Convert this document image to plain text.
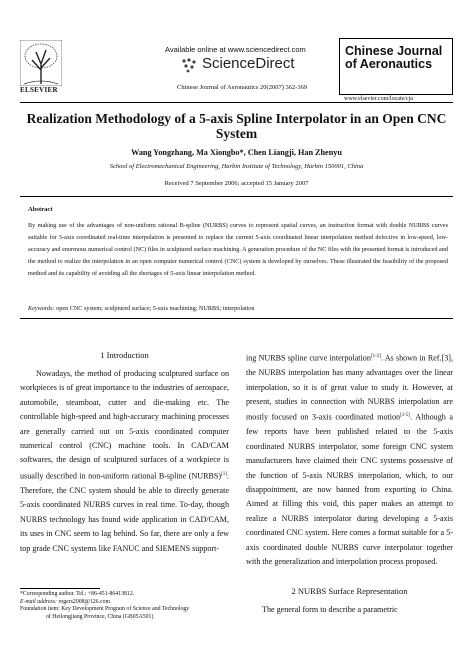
ELSEVIER
Available online at www.sciencedirect.com
ScienceDirect
Chinese Journal of Aeronautics 20(2007) 362-369
Chinese Journal of Aeronautics
www.elsevier.com/locate/cja
Realization Methodology of a 5-axis Spline Interpolator in an Open CNC System
Wang Yongzhang, Ma Xiongbo*, Chen Liangji, Han Zhenyu
School of Electromechanical Engineering, Harbin Institute of Technology, Harbin 150001, China
Received 7 September 2006; accepted 15 January 2007
Abstract
By making use of the advantages of non-uniform rational B-spline (NURBS) curves to represent spatial curves, an instruction format with double NURBS curves suitable for 5-axis coordinated real-time interpolation is presented to replace the current 5-axis coordinated linear interpolation method defective in low-speed, low-accuracy and enormous numerical control (NC) files in sculptured surface machining. A generation procedure of the NC files with the presented format is introduced and the method to realize the interpolation in an open computer numerical control (CNC) system is developed by ourselves. These illustrated the feasibility of the proposed method and its capability of avoiding all the shortages of 5-axis linear interpolation method.
Keywords: open CNC system; sculptured surface; 5-axis machining; NURBS; interpolation
1 Introduction

Nowadays, the method of producing sculptured surface on workpieces is of great importance to the industries of aerospace, automobile, steamboat, cutter and die-making etc. The controllable high-speed and high-accuracy machining processes are generally carried out on 5-axis coordinated computer numerical control (CNC) machine tools. In CAD/CAM softwares, the design of sculptured surfaces of a workpiece is usually described in non-uniform rational B-spline (NURBS)[1]. Therefore, the CNC system should be able to directly generate 5-axis coordinated NURBS curves in real time. To-day, though NURBS technology has found wide application in CAD/CAM, its uses in CNC seem to lag behind. So far, there are only a few top grade CNC systems like FANUC and SIEMENS support-

*Corresponding author. Tel.: +86-451-86413812.
E-mail address: rogers2008@126.com
Foundation item: Key Development Program of Science and Technology
of Heilongjiang Province, China (GB05A501)

ing NURBS spline curve interpolation[1-2]. As shown in Ref.[3], the NURBS interpolation has many advantages over the linear interpolation, so it is of great value to study it. However, at present, studies in connection with NURBS interpolation are mostly focused on 3-axis coordinated motion[1-5]. Although a few reports have been published related to the 5-axis coordinated NURBS interpolator, some foreign CNC system manufacturers have claimed their CNC systems possessive of the function of 5-axis NURBS interpolation, which, to our disappointment, are now banned from exporting to China. Aimed at filling this void, this paper makes an attempt to realize a NURBS interpolator during developing a 5-axis coordinated CNC system. Here comes a format suitable for a 5-axis coordinated double NURBS curve interpolator together with the generalization and interpolation process proposed.

2 NURBS Surface Representation
The general form to describe a parametric
